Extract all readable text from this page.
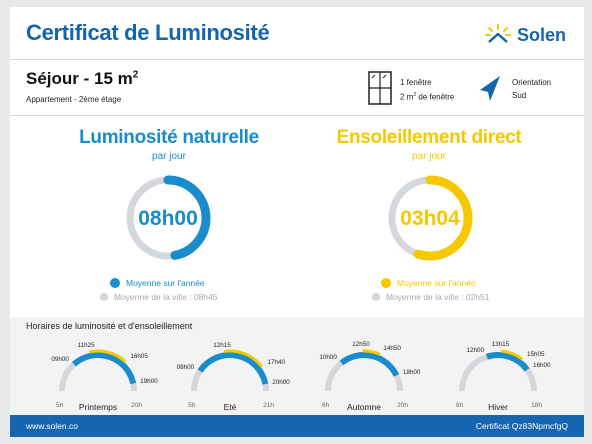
Certificat de Luminosité	Solen
Séjour - 15 $m^2$
Appartement - 2ème étage
1 fenêtre
2 $m^2$ de fenêtre
Orientation
Sud
Luminosité naturelle
par jour
08h00
Moyenne sur l'année
Moyenne de la ville : 08h45
Ensoleillement direct
par jour
03h04
Moyenne sur l'année
Moyenne de la ville : 02h51
Horaires de luminosité et d'ensoleillement
09h00
11h25
16h05
19h00
5h	20h
Printemps
08h00
12h15
17h40
20h00
5h	21h
Eté
10h00
12h50
14h50
18h00
6h	20h
Automne
12h00
13h15
15h05
16h00
8h	18h
Hiver
www.solen.co	Certificat Qz83NpmcfgQ
